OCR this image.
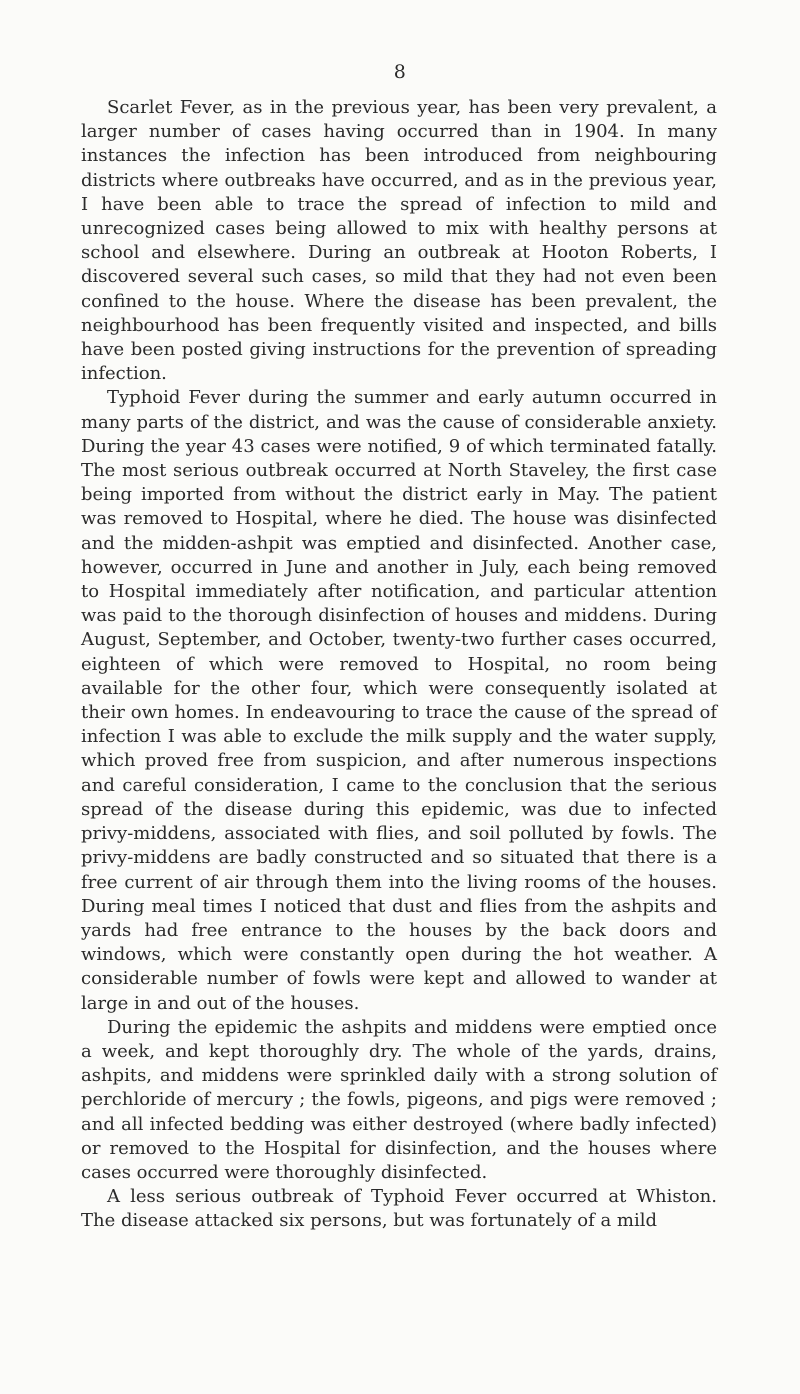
8

Scarlet Fever, as in the previous year, has been very prevalent, a larger number of cases having occurred than in 1904. In many instances the infection has been introduced from neighbouring districts where outbreaks have occurred, and as in the previous year, I have been able to trace the spread of infection to mild and unrecognized cases being allowed to mix with healthy persons at school and elsewhere. During an outbreak at Hooton Roberts, I discovered several such cases, so mild that they had not even been confined to the house. Where the disease has been prevalent, the neighbourhood has been frequently visited and inspected, and bills have been posted giving instructions for the prevention of spreading infection.

Typhoid Fever during the summer and early autumn occurred in many parts of the district, and was the cause of considerable anxiety. During the year 43 cases were notified, 9 of which terminated fatally. The most serious outbreak occurred at North Staveley, the first case being imported from without the district early in May. The patient was removed to Hospital, where he died. The house was disinfected and the midden-ashpit was emptied and disinfected. Another case, however, occurred in June and another in July, each being removed to Hospital immediately after notification, and particular attention was paid to the thorough disinfection of houses and middens. During August, September, and October, twenty-two further cases occurred, eighteen of which were removed to Hospital, no room being available for the other four, which were consequently isolated at their own homes. In endeavouring to trace the cause of the spread of infection I was able to exclude the milk supply and the water supply, which proved free from suspicion, and after numerous inspections and careful consideration, I came to the conclusion that the serious spread of the disease during this epidemic, was due to infected privy-middens, associated with flies, and soil polluted by fowls. The privy-middens are badly constructed and so situated that there is a free current of air through them into the living rooms of the houses. During meal times I noticed that dust and flies from the ashpits and yards had free entrance to the houses by the back doors and windows, which were constantly open during the hot weather. A considerable number of fowls were kept and allowed to wander at large in and out of the houses.

During the epidemic the ashpits and middens were emptied once a week, and kept thoroughly dry. The whole of the yards, drains, ashpits, and middens were sprinkled daily with a strong solution of perchloride of mercury ; the fowls, pigeons, and pigs were removed ; and all infected bedding was either destroyed (where badly infected) or removed to the Hospital for disinfection, and the houses where cases occurred were thoroughly disinfected.

A less serious outbreak of Typhoid Fever occurred at Whiston. The disease attacked six persons, but was fortunately of a mild
